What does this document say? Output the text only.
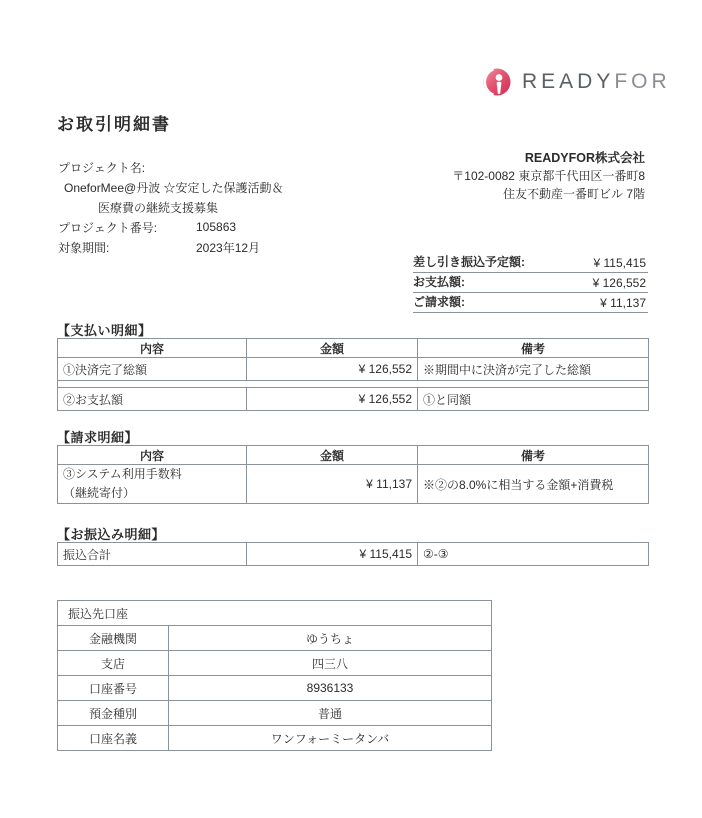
READYFOR
お取引明細書
プロジェクト名:
OneforMee@丹波 ☆安定した保護活動＆
医療費の継続支援募集
プロジェクト番号:	105863
対象期間:	2023年12月
READYFOR株式会社
〒102-0082 東京都千代田区一番町8
住友不動産一番町ビル 7階
差し引き振込予定額:	¥ 115,415
お支払額:	¥ 126,552
ご請求額:	¥ 11,137
【支払い明細】
内容	金額	備考
①決済完了総額	¥ 126,552	※期間中に決済が完了した総額

②お支払額	¥ 126,552	①と同額
【請求明細】
内容	金額	備考

③システム利用手数料
（継続寄付）	¥ 11,137	※②の8.0%に相当する金額+消費税
【お振込み明細】
振込合計	¥ 115,415	②-③
振込先口座	
金融機関	ゆうちょ
支店	四三八
口座番号	8936133
預金種別	普通
口座名義	ワンフォーミータンバ
